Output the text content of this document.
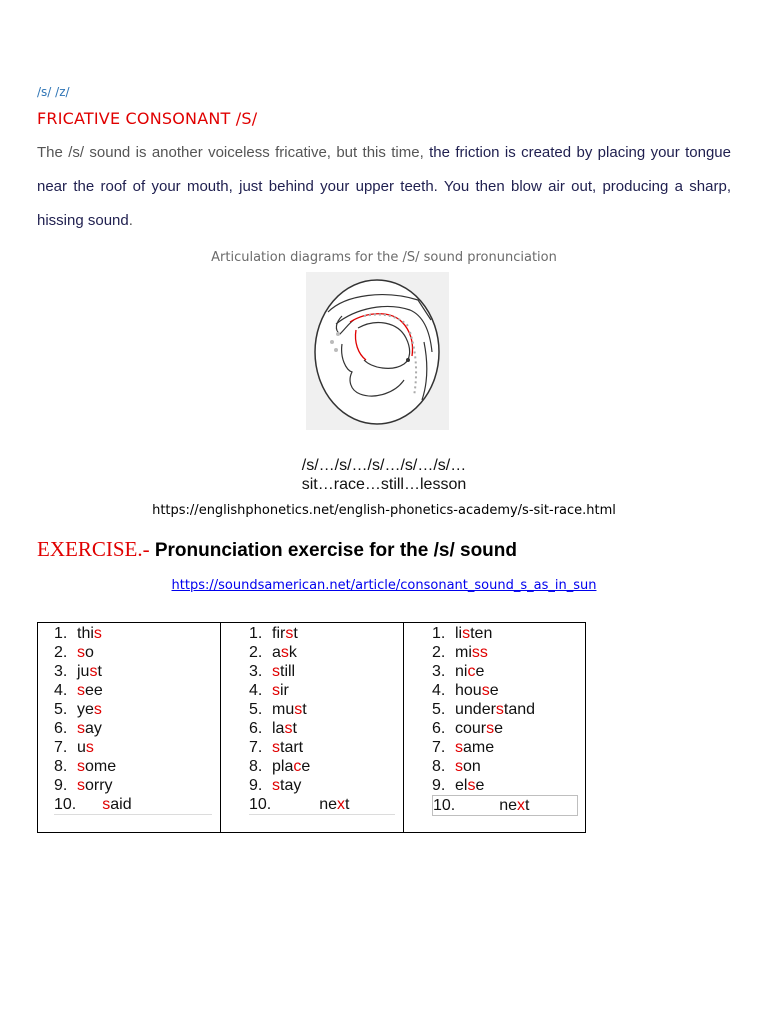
/s/ /z/
FRICATIVE CONSONANT /S/
The /s/ sound is another voiceless fricative, but this time, the friction is created by placing your tongue near the roof of your mouth, just behind your upper teeth. You then blow air out, producing a sharp, hissing sound.
Articulation diagrams for the /S/ sound pronunciation
/s/…/s/…/s/…/s/…/s/…
sit…race…still…lesson
https://englishphonetics.net/english-phonetics-academy/s-sit-race.html
EXERCISE.- Pronunciation exercise for the /s/ sound
https://soundsamerican.net/article/consonant_sound_s_as_in_sun
1. this
2. so
3. just
4. see
5. yes
6. say
7. us
8. some
9. sorry
10. said
1. first
2. ask
3. still
4. sir
5. must
6. last
7. start
8. place
9. stay
10.	next
1. listen
2. miss
3. nice
4. house
5. understand
6. course
7. same
8. son
9. else
10.	next
